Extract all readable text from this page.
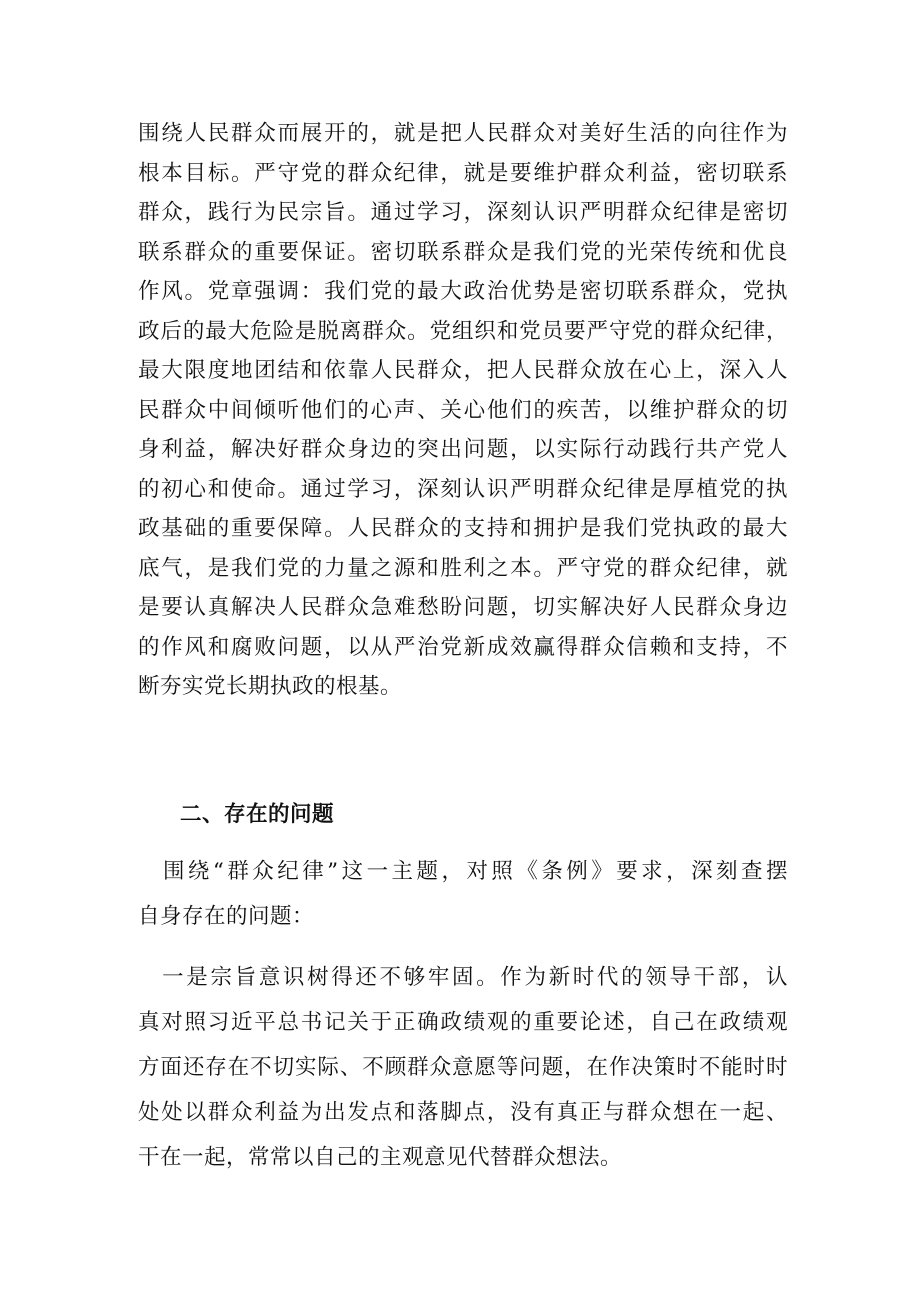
围绕人民群众而展开的，就是把人民群众对美好生活的向往作为
根本目标。严守党的群众纪律，就是要维护群众利益，密切联系
群众，践行为民宗旨。通过学习，深刻认识严明群众纪律是密切
联系群众的重要保证。密切联系群众是我们党的光荣传统和优良
作风。党章强调：我们党的最大政治优势是密切联系群众，党执
政后的最大危险是脱离群众。党组织和党员要严守党的群众纪律，
最大限度地团结和依靠人民群众，把人民群众放在心上，深入人
民群众中间倾听他们的心声、关心他们的疾苦，以维护群众的切
身利益，解决好群众身边的突出问题，以实际行动践行共产党人
的初心和使命。通过学习，深刻认识严明群众纪律是厚植党的执
政基础的重要保障。人民群众的支持和拥护是我们党执政的最大
底气，是我们党的力量之源和胜利之本。严守党的群众纪律，就
是要认真解决人民群众急难愁盼问题，切实解决好人民群众身边
的作风和腐败问题，以从严治党新成效赢得群众信赖和支持，不
断夯实党长期执政的根基。
二、存在的问题
　围绕“群众纪律”这一主题，对照《条例》要求，深刻查摆
自身存在的问题：
　一是宗旨意识树得还不够牢固。作为新时代的领导干部，认
真对照习近平总书记关于正确政绩观的重要论述，自己在政绩观
方面还存在不切实际、不顾群众意愿等问题，在作决策时不能时时
处处以群众利益为出发点和落脚点，没有真正与群众想在一起、
干在一起，常常以自己的主观意见代替群众想法。
